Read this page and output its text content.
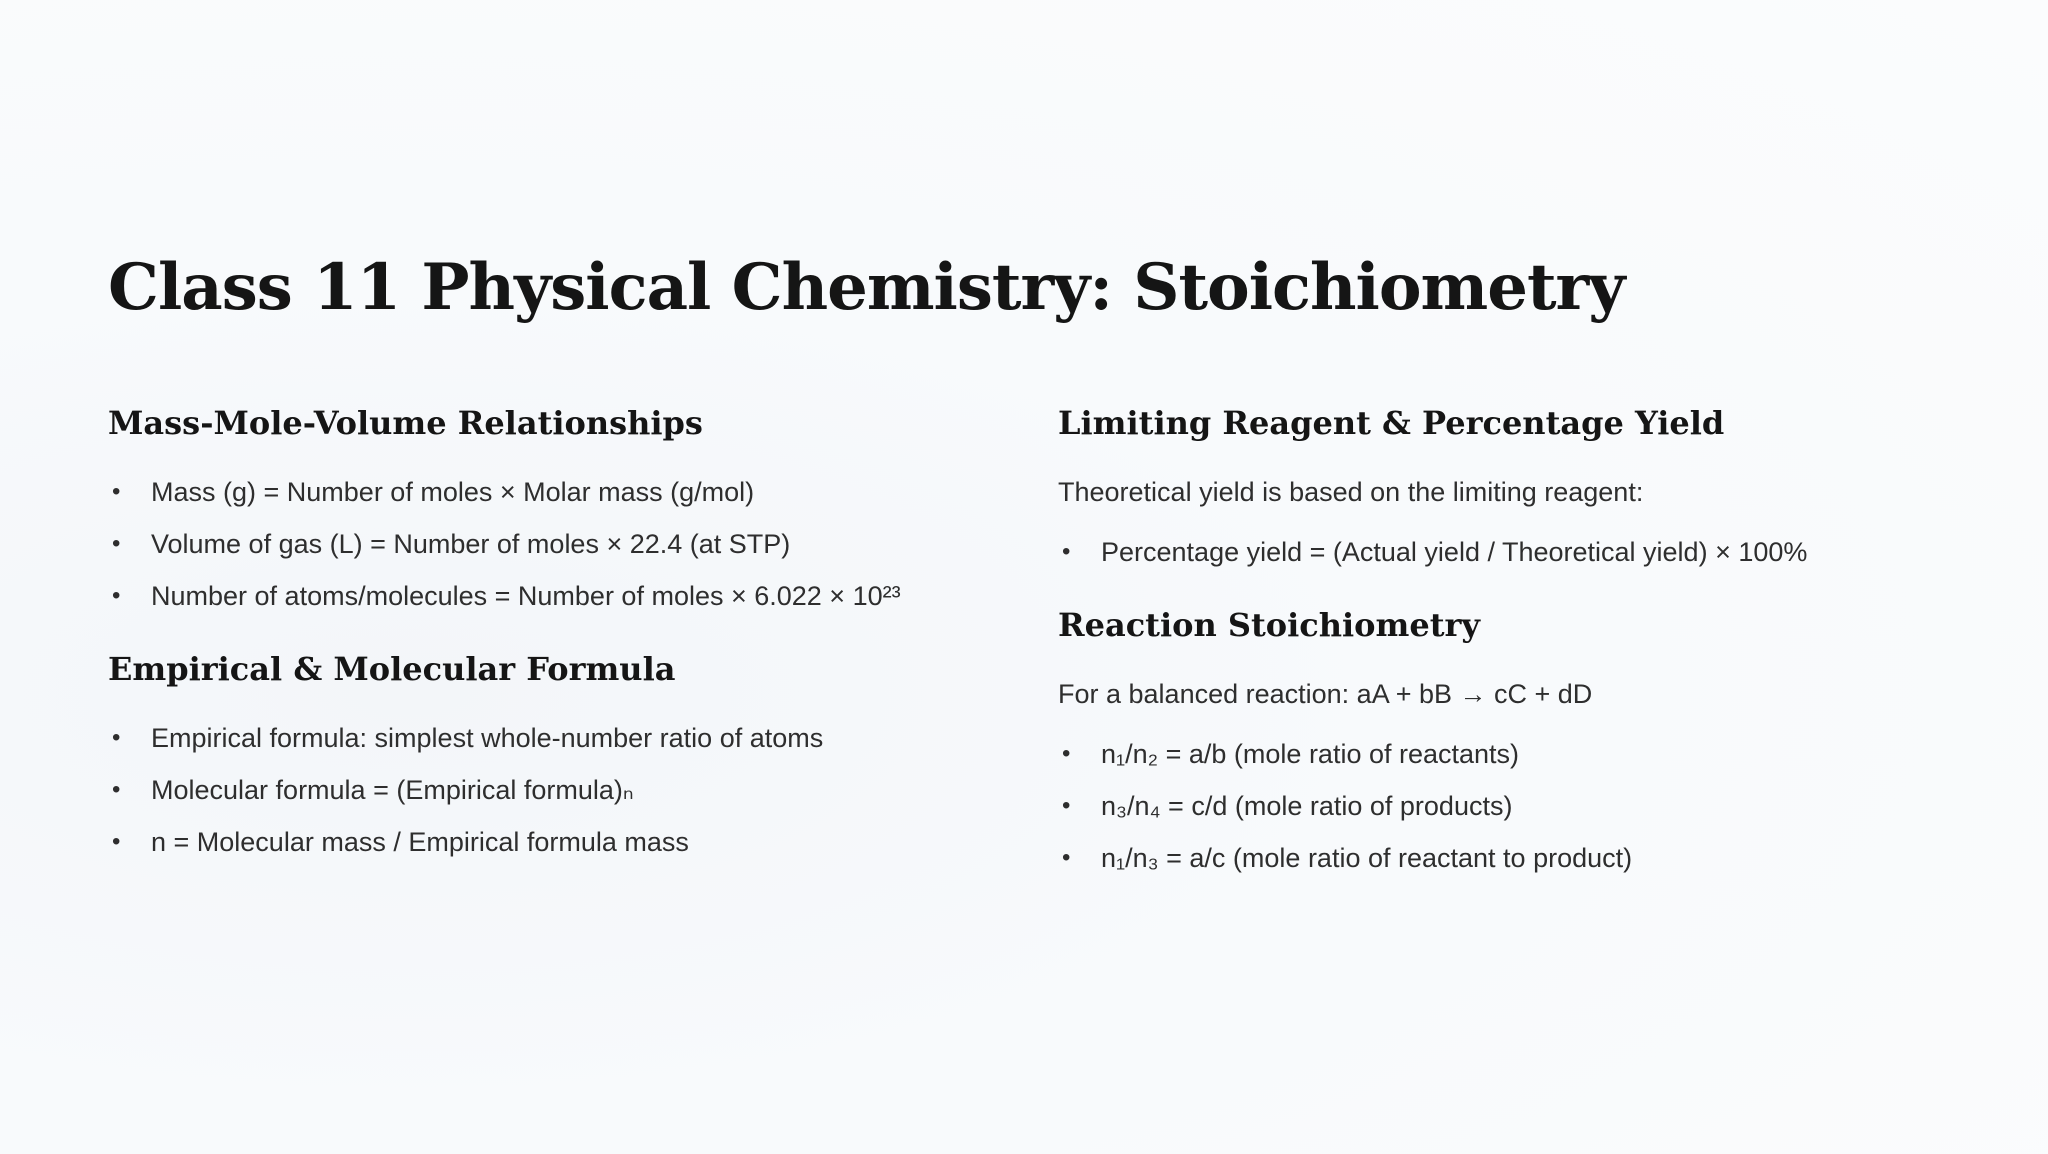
Class 11 Physical Chemistry: Stoichiometry
Mass-Mole-Volume Relationships
• Mass (g) = Number of moles × Molar mass (g/mol)
• Volume of gas (L) = Number of moles × 22.4 (at STP)
• Number of atoms/molecules = Number of moles × 6.022 × 10²³
Empirical & Molecular Formula
• Empirical formula: simplest whole-number ratio of atoms
• Molecular formula = (Empirical formula)ₙ
• n = Molecular mass / Empirical formula mass
Limiting Reagent & Percentage Yield

Theoretical yield is based on the limiting reagent:

• Percentage yield = (Actual yield / Theoretical yield) × 100%
Reaction Stoichiometry

For a balanced reaction: aA + bB → cC + dD

• n₁/n₂ = a/b (mole ratio of reactants)
• n₃/n₄ = c/d (mole ratio of products)
• n₁/n₃ = a/c (mole ratio of reactant to product)
